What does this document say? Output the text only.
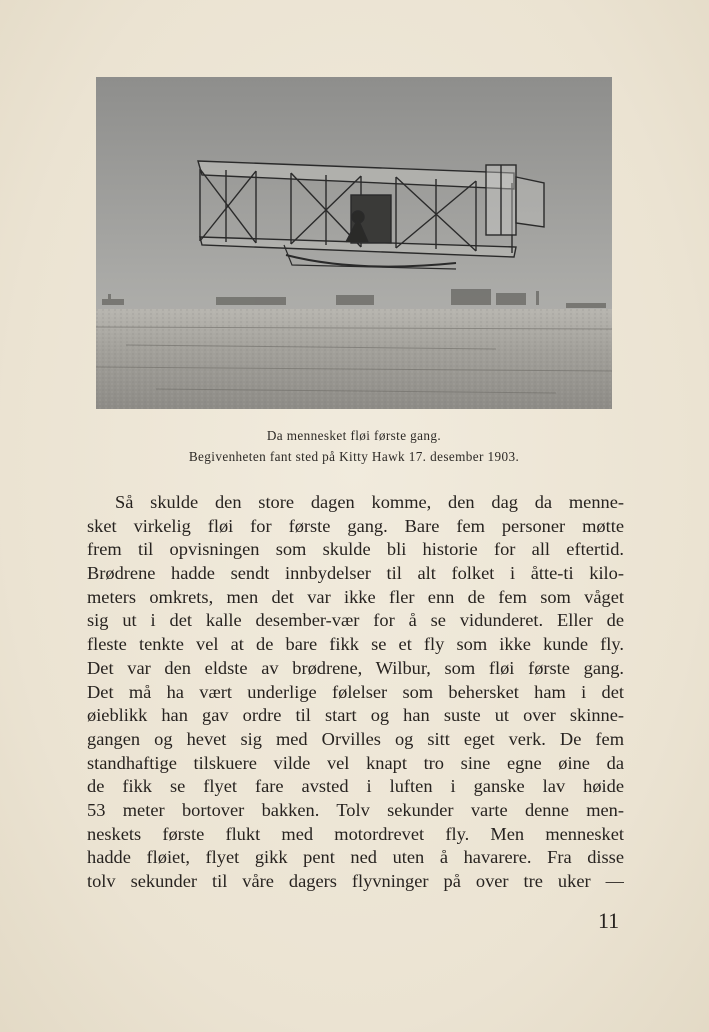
Da mennesket fløi første gang.
Begivenheten fant sted på Kitty Hawk 17. desember 1903.
Så skulde den store dagen komme, den dag da menne-
sket virkelig fløi for første gang. Bare fem personer møtte
frem til opvisningen som skulde bli historie for all eftertid.
Brødrene hadde sendt innbydelser til alt folket i åtte-ti kilo-
meters omkrets, men det var ikke fler enn de fem som våget
sig ut i det kalle desember-vær for å se vidunderet. Eller de
fleste tenkte vel at de bare fikk se et fly som ikke kunde fly.
Det var den eldste av brødrene, Wilbur, som fløi første gang.
Det må ha vært underlige følelser som behersket ham i det
øieblikk han gav ordre til start og han suste ut over skinne-
gangen og hevet sig med Orvilles og sitt eget verk. De fem
standhaftige tilskuere vilde vel knapt tro sine egne øine da
de fikk se flyet fare avsted i luften i ganske lav høide
53 meter bortover bakken. Tolv sekunder varte denne men-
neskets første flukt med motordrevet fly. Men mennesket
hadde fløiet, flyet gikk pent ned uten å havarere. Fra disse
tolv sekunder til våre dagers flyvninger på over tre uker —
11
